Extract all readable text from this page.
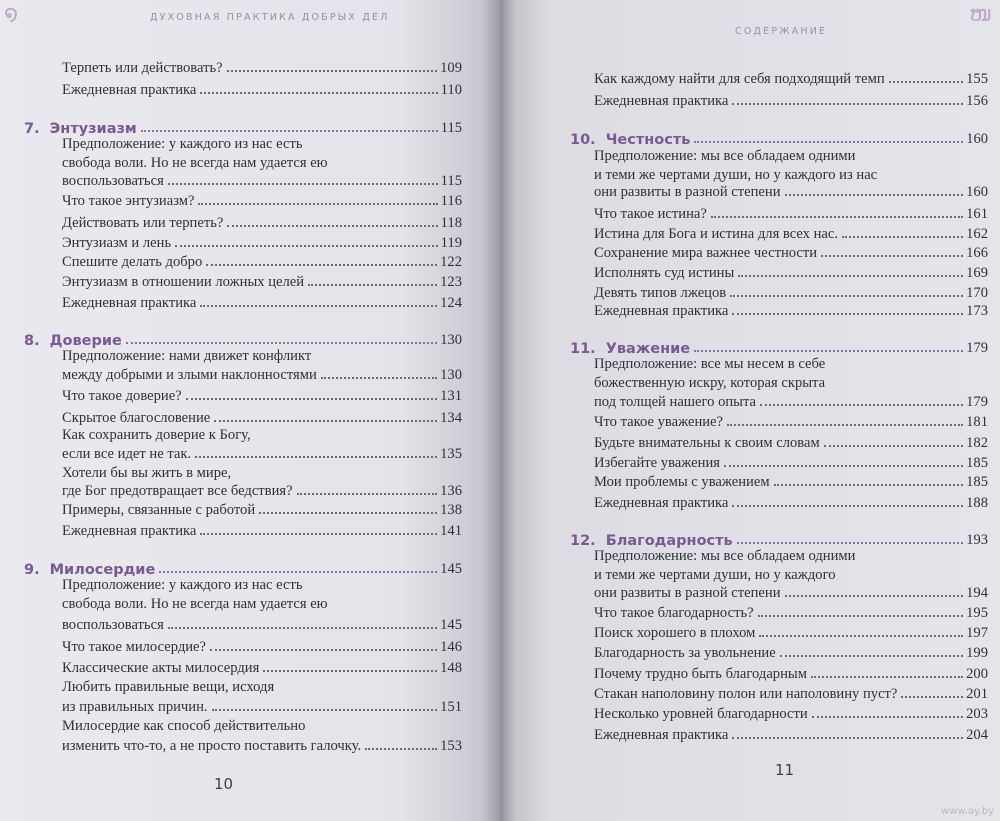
໑	ДУХОВНАЯ ПРАКТИКА ДОБРЫХ ДЕЛ
Терпеть или действовать?	109
Ежедневная практика	110
7. Энтузиазм	115
Предположение: у каждого из нас есть
свобода воли. Но не всегда нам удается ею
воспользоваться	115
Что такое энтузиазм?	116
Действовать или терпеть?	118
Энтузиазм и лень	119
Спешите делать добро	122
Энтузиазм в отношении ложных целей	123
Ежедневная практика	124
8. Доверие	130
Предположение: нами движет конфликт
между добрыми и злыми наклонностями	130
Что такое доверие?	131
Скрытое благословение	134
Как сохранить доверие к Богу,
если все идет не так.	135
Хотели бы вы жить в мире,
где Бог предотвращает все бедствия?	136
Примеры, связанные с работой	138
Ежедневная практика	141
9. Милосердие	145
Предположение: у каждого из нас есть
свобода воли. Но не всегда нам удается ею
воспользоваться	145
Что такое милосердие?	146
Классические акты милосердия	148
Любить правильные вещи, исходя
из правильных причин.	151
Милосердие как способ действительно
изменить что-то, а не просто поставить галочку.	153
10
ໜ
СОДЕРЖАНИЕ
Как каждому найти для себя подходящий темп	155
Ежедневная практика	156
10. Честность	160
Предположение: мы все обладаем одними
и теми же чертами души, но у каждого из нас
они развиты в разной степени	160
Что такое истина?	161
Истина для Бога и истина для всех нас.	162
Сохранение мира важнее честности	166
Исполнять суд истины	169
Девять типов лжецов	170
Ежедневная практика	173
11. Уважение	179
Предположение: все мы несем в себе
божественную искру, которая скрыта
под толщей нашего опыта	179
Что такое уважение?	181
Будьте внимательны к своим словам	182
Избегайте уважения	185
Мои проблемы с уважением	185
Ежедневная практика	188
12. Благодарность	193
Предположение: мы все обладаем одними
и теми же чертами души, но у каждого
они развиты в разной степени	194
Что такое благодарность?	195
Поиск хорошего в плохом	197
Благодарность за увольнение	199
Почему трудно быть благодарным	200
Стакан наполовину полон или наполовину пуст?	201
Несколько уровней благодарности	203
Ежедневная практика	204
11
www.ay.by
